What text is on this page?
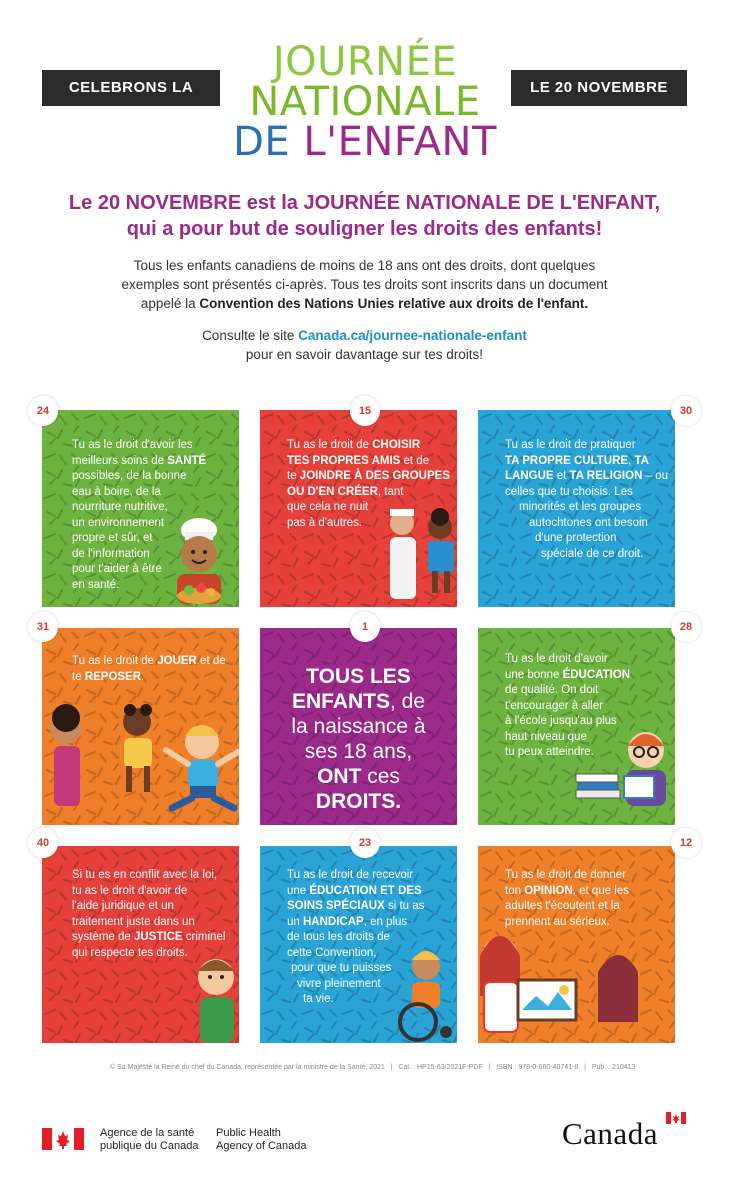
CELEBRONS LA	LE 20 NOVEMBRE
JOURNÉE
NATIONALE
DE L'ENFANT
Le 20 NOVEMBRE est la JOURNÉE NATIONALE DE L'ENFANT,
qui a pour but de souligner les droits des enfants!
Tous les enfants canadiens de moins de 18 ans ont des droits, dont quelques
exemples sont présentés ci-après. Tous tes droits sont inscrits dans un document
appelé la Convention des Nations Unies relative aux droits de l'enfant.
Consulte le site Canada.ca/journee-nationale-enfant
pour en savoir davantage sur tes droits!
Tu as le droit d'avoir les
meilleurs soins de SANTÉ
possibles, de la bonne
eau à boire, de la
nourriture nutritive,
un environnement
propre et sûr, et
de l'information
pour t'aider à être
en santé.
Tu as le droit de CHOISIR
TES PROPRES AMIS et de
te JOINDRE À DES GROUPES
OU D'EN CRÉER, tant
que cela ne nuit
pas à d'autres.
Tu as le droit de pratiquer
TA PROPRE CULTURE, TA
LANGUE et TA RELIGION – ou
celles que tu choisis. Les
minorités et les groupes
autochtones ont besoin
d'une protection
spéciale de ce droit.
Tu as le droit de JOUER et de
te REPOSER.	TOUS LES
ENFANTS, de
la naissance à
ses 18 ans,
ONT ces
DROITS.
Tu as le droit d'avoir
une bonne ÉDUCATION
de qualité. On doit
t'encourager à aller
à l'école jusqu'au plus
haut niveau que
tu peux atteindre.
Si tu es en conflit avec la loi,
tu as le droit d'avoir de
l'aide juridique et un
traitement juste dans un
système de JUSTICE criminel
qui respecte tes droits.
Tu as le droit de recevoir
une ÉDUCATION ET DES
SOINS SPÉCIAUX si tu as
un HANDICAP, en plus
de tous les droits de
cette Convention,
pour que tu puisses
vivre pleinement
ta vie.
Tu as le droit de donner
ton OPINION, et que les
adultes t'écoutent et la
prennent au sérieux.
24	15	30
31	1	28
40	23	12
© Sa Majesté la Reine du chef du Canada, représentée par la ministre de la Santé, 2021   |   Cat. : HP15-63/2021F-PDF   |   ISBN : 978-0-660-40741-8   |   Pub. : 210413
Agence de la santé
publique du Canada
Public Health
Agency of Canada	Canada
